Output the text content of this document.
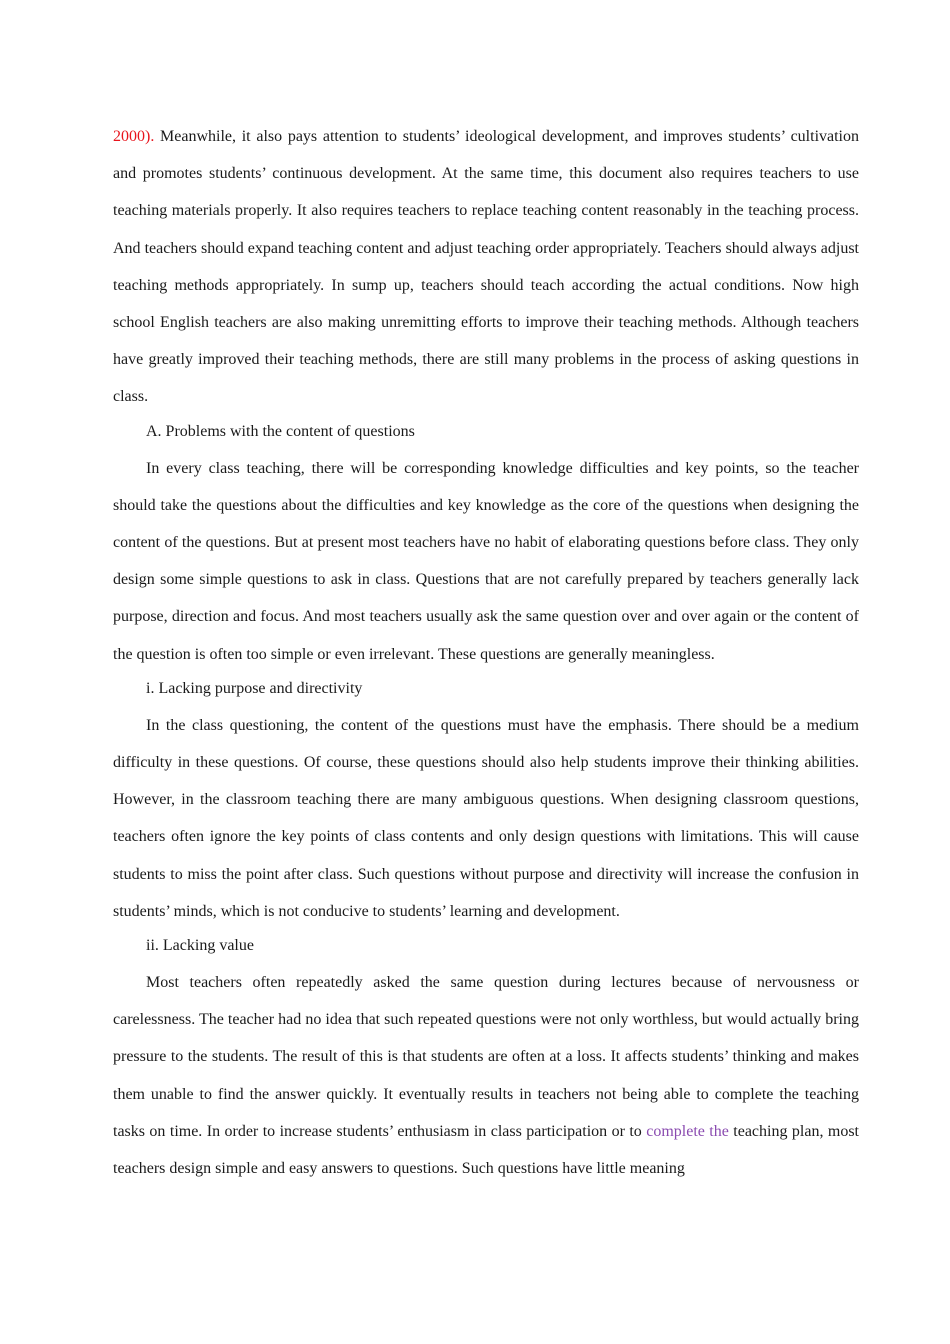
2000). Meanwhile, it also pays attention to students’ ideological development, and improves students’ cultivation and promotes students’ continuous development. At the same time, this document also requires teachers to use teaching materials properly. It also requires teachers to replace teaching content reasonably in the teaching process. And teachers should expand teaching content and adjust teaching order appropriately. Teachers should always adjust teaching methods appropriately. In sump up, teachers should teach according the actual conditions. Now high school English teachers are also making unremitting efforts to improve their teaching methods. Although teachers have greatly improved their teaching methods, there are still many problems in the process of asking questions in class.

A. Problems with the content of questions

In every class teaching, there will be corresponding knowledge difficulties and key points, so the teacher should take the questions about the difficulties and key knowledge as the core of the questions when designing the content of the questions. But at present most teachers have no habit of elaborating questions before class. They only design some simple questions to ask in class. Questions that are not carefully prepared by teachers generally lack purpose, direction and focus. And most teachers usually ask the same question over and over again or the content of the question is often too simple or even irrelevant. These questions are generally meaningless.

i. Lacking purpose and directivity

In the class questioning, the content of the questions must have the emphasis. There should be a medium difficulty in these questions. Of course, these questions should also help students improve their thinking abilities. However, in the classroom teaching there are many ambiguous questions. When designing classroom questions, teachers often ignore the key points of class contents and only design questions with limitations. This will cause students to miss the point after class. Such questions without purpose and directivity will increase the confusion in students’ minds, which is not conducive to students’ learning and development.

ii. Lacking value

Most teachers often repeatedly asked the same question during lectures because of nervousness or carelessness. The teacher had no idea that such repeated questions were not only worthless, but would actually bring pressure to the students. The result of this is that students are often at a loss. It affects students’ thinking and makes them unable to find the answer quickly. It eventually results in teachers not being able to complete the teaching tasks on time. In order to increase students’ enthusiasm in class participation or to complete the teaching plan, most teachers design simple and easy answers to questions. Such questions have little meaning
